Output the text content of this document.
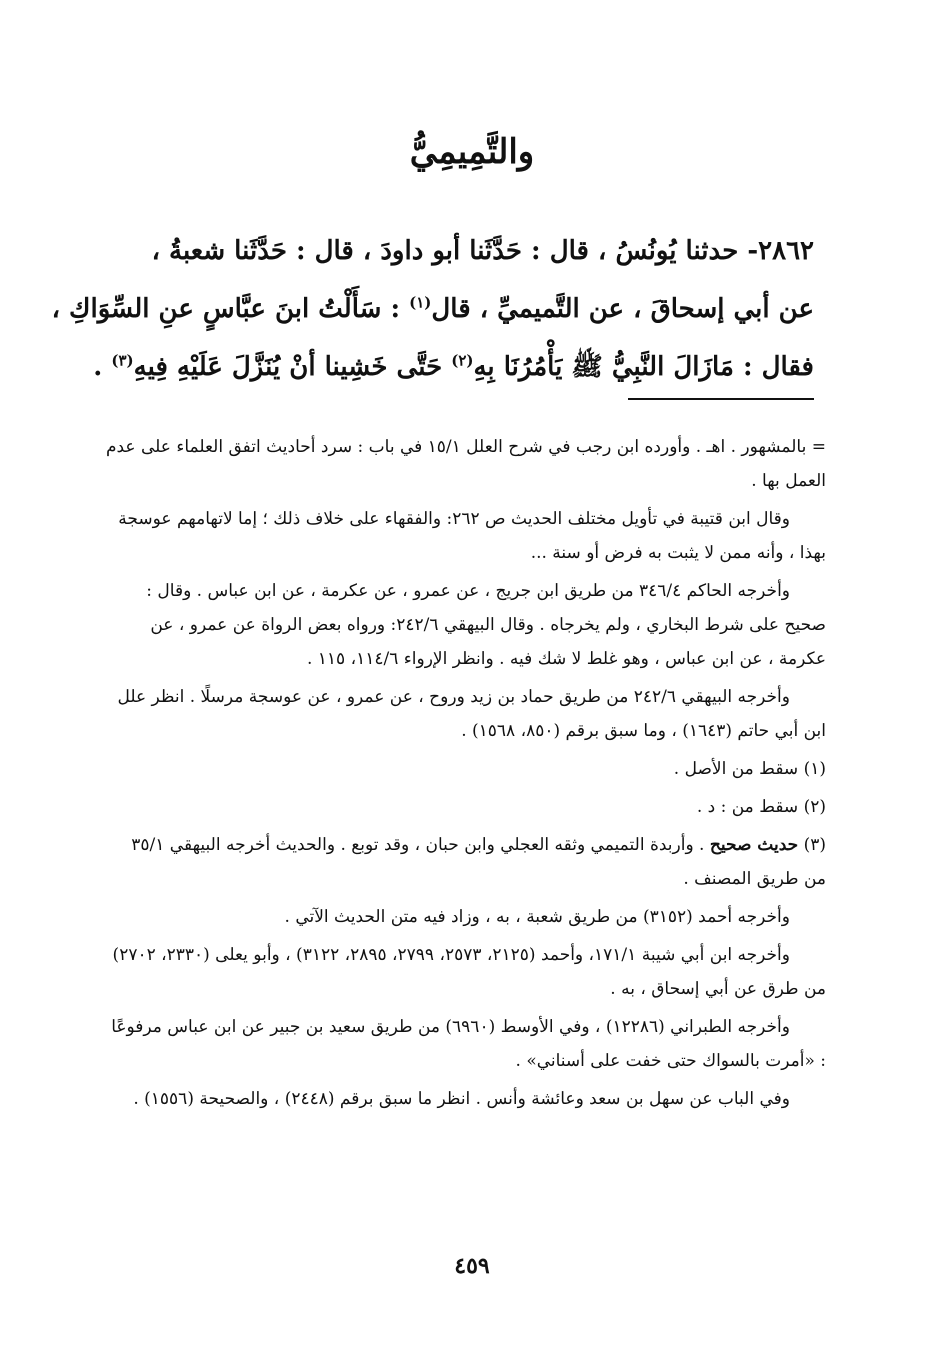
والتَّمِيمِيُّ
٢٨٦٢- حدثنا يُونُسُ ، قال : حَدَّثَنا أبو داودَ ، قال : حَدَّثَنا شعبةُ ،
عن أبي إسحاقَ ، عن التَّميميِّ ، قال$^{(١)}$ : سَأَلْتُ ابنَ عبَّاسٍ عنِ السِّوَاكِ ،
فقال : مَازَالَ النَّبِيُّ ﷺ يَأْمُرُنَا بِهِ$^{(٢)}$ حَتَّى خَشِينا أنْ يُنَزَّلَ عَلَيْهِ فِيهِ$^{(٣)}$ .

= بالمشهور . اهـ . وأورده ابن رجب في شرح العلل ١٥/١ في باب : سرد أحاديث اتفق العلماء على عدم العمل بها .

وقال ابن قتيبة في تأويل مختلف الحديث ص ٢٦٢: والفقهاء على خلاف ذلك ؛ إما لاتهامهم عوسجة بهذا ، وأنه ممن لا يثبت به فرض أو سنة ...

وأخرجه الحاكم ٣٤٦/٤ من طريق ابن جريج ، عن عمرو ، عن عكرمة ، عن ابن عباس . وقال : صحيح على شرط البخاري ، ولم يخرجاه . وقال البيهقي ٢٤٢/٦: ورواه بعض الرواة عن عمرو ، عن عكرمة ، عن ابن عباس ، وهو غلط لا شك فيه . وانظر الإرواء ١١٤/٦، ١١٥ .

وأخرجه البيهقي ٢٤٢/٦ من طريق حماد بن زيد وروح ، عن عمرو ، عن عوسجة مرسلًا . انظر علل ابن أبي حاتم (١٦٤٣) ، وما سبق برقم (٨٥٠، ١٥٦٨) .

(١) سقط من الأصل .

(٢) سقط من : د .

(٣) حديث صحيح . وأربدة التميمي وثقه العجلي وابن حبان ، وقد توبع . والحديث أخرجه البيهقي ٣٥/١ من طريق المصنف .

وأخرجه أحمد (٣١٥٢) من طريق شعبة ، به ، وزاد فيه متن الحديث الآتي .

وأخرجه ابن أبي شيبة ١٧١/١، وأحمد (٢١٢٥، ٢٥٧٣، ٢٧٩٩، ٢٨٩٥، ٣١٢٢) ، وأبو يعلى (٢٣٣٠، ٢٧٠٢) من طرق عن أبي إسحاق ، به .

وأخرجه الطبراني (١٢٢٨٦) ، وفي الأوسط (٦٩٦٠) من طريق سعيد بن جبير عن ابن عباس مرفوعًا : «أمرت بالسواك حتى خفت على أسناني» .

وفي الباب عن سهل بن سعد وعائشة وأنس . انظر ما سبق برقم (٢٤٤٨) ، والصحيحة (١٥٥٦) .

٤٥٩
